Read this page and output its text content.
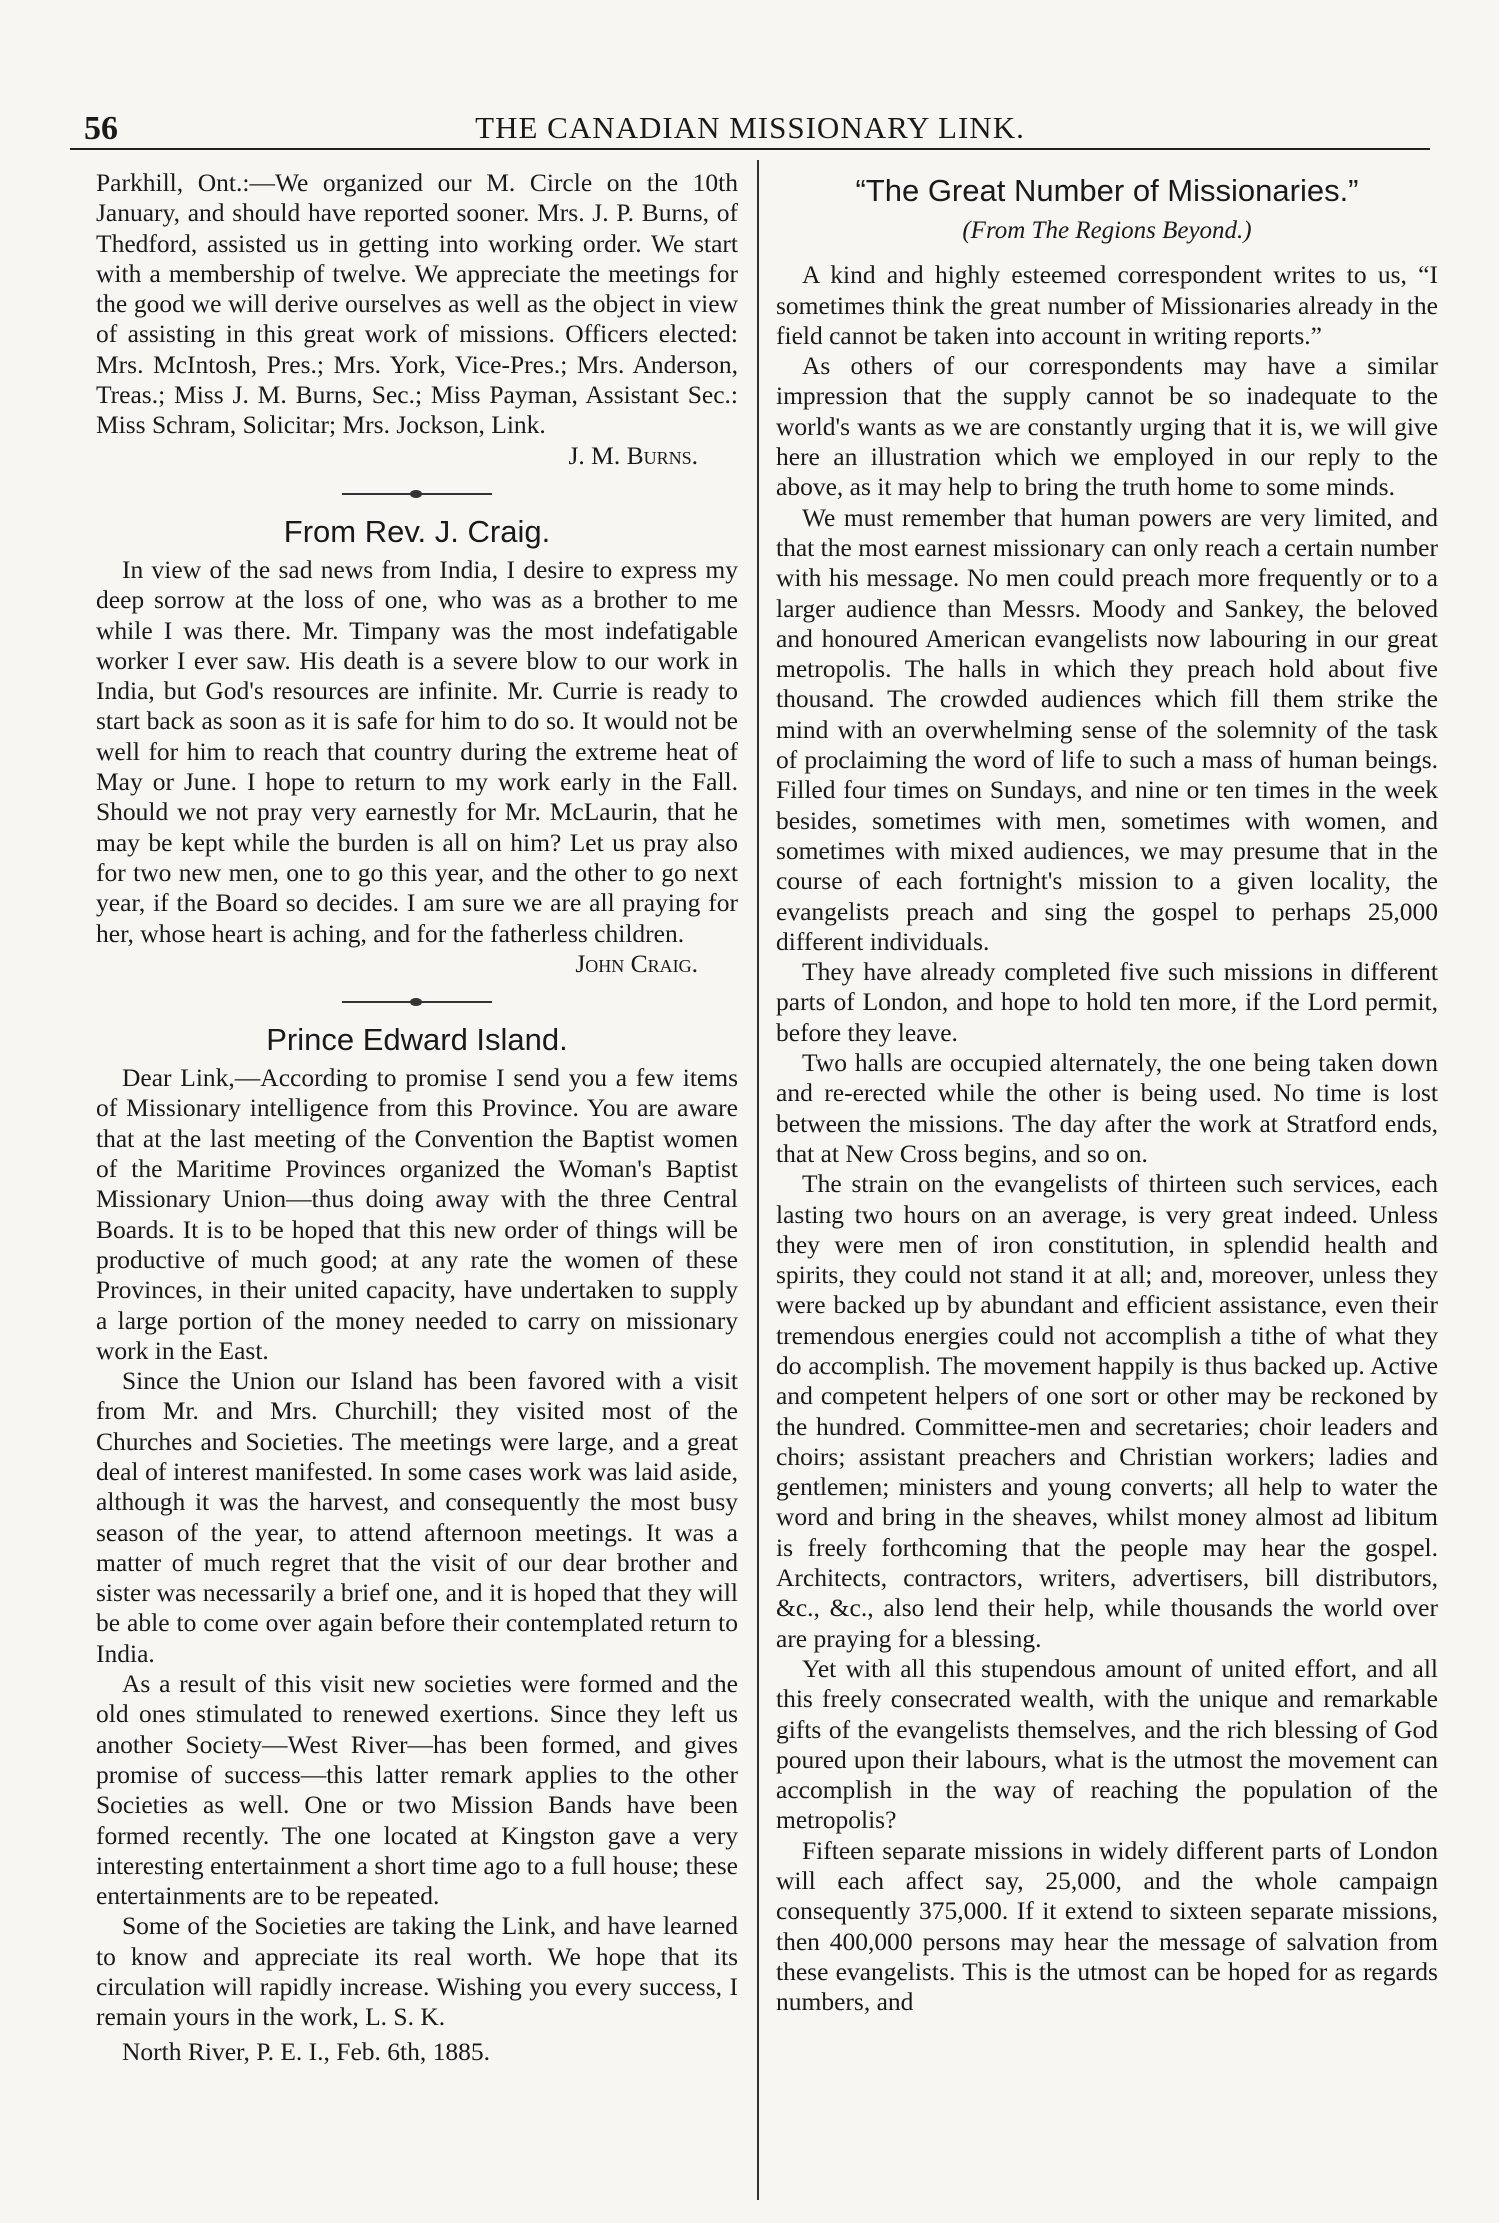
56	THE CANADIAN MISSIONARY LINK.

Parkhill, Ont.:—We organized our M. Circle on the 10th January, and should have reported sooner. Mrs. J. P. Burns, of Thedford, assisted us in getting into working order. We start with a membership of twelve. We appreciate the meetings for the good we will derive ourselves as well as the object in view of assisting in this great work of missions. Officers elected: Mrs. McIntosh, Pres.; Mrs. York, Vice-Pres.; Mrs. Anderson, Treas.; Miss J. M. Burns, Sec.; Miss Payman, Assistant Sec.: Miss Schram, Solicitar; Mrs. Jockson, Link.

J. M. Burns.
From Rev. J. Craig.

In view of the sad news from India, I desire to express my deep sorrow at the loss of one, who was as a brother to me while I was there. Mr. Timpany was the most indefatigable worker I ever saw. His death is a severe blow to our work in India, but God's resources are infinite. Mr. Currie is ready to start back as soon as it is safe for him to do so. It would not be well for him to reach that country during the extreme heat of May or June. I hope to return to my work early in the Fall. Should we not pray very earnestly for Mr. McLaurin, that he may be kept while the burden is all on him? Let us pray also for two new men, one to go this year, and the other to go next year, if the Board so decides. I am sure we are all praying for her, whose heart is aching, and for the fatherless children.

John Craig.
Prince Edward Island.

Dear Link,—According to promise I send you a few items of Missionary intelligence from this Province. You are aware that at the last meeting of the Convention the Baptist women of the Maritime Provinces organized the Woman's Baptist Missionary Union—thus doing away with the three Central Boards. It is to be hoped that this new order of things will be productive of much good; at any rate the women of these Provinces, in their united capacity, have undertaken to supply a large portion of the money needed to carry on missionary work in the East.

Since the Union our Island has been favored with a visit from Mr. and Mrs. Churchill; they visited most of the Churches and Societies. The meetings were large, and a great deal of interest manifested. In some cases work was laid aside, although it was the harvest, and consequently the most busy season of the year, to attend afternoon meetings. It was a matter of much regret that the visit of our dear brother and sister was necessarily a brief one, and it is hoped that they will be able to come over again before their contemplated return to India.

As a result of this visit new societies were formed and the old ones stimulated to renewed exertions. Since they left us another Society—West River—has been formed, and gives promise of success—this latter remark applies to the other Societies as well. One or two Mission Bands have been formed recently. The one located at Kingston gave a very interesting entertainment a short time ago to a full house; these entertainments are to be repeated.

Some of the Societies are taking the Link, and have learned to know and appreciate its real worth. We hope that its circulation will rapidly increase. Wishing you every success, I remain yours in the work, L. S. K.

North River, P. E. I., Feb. 6th, 1885.

“The Great Number of Missionaries.”
(From The Regions Beyond.)

A kind and highly esteemed correspondent writes to us, “I sometimes think the great number of Missionaries already in the field cannot be taken into account in writing reports.”

As others of our correspondents may have a similar impression that the supply cannot be so inadequate to the world's wants as we are constantly urging that it is, we will give here an illustration which we employed in our reply to the above, as it may help to bring the truth home to some minds.

We must remember that human powers are very limited, and that the most earnest missionary can only reach a certain number with his message. No men could preach more frequently or to a larger audience than Messrs. Moody and Sankey, the beloved and honoured American evangelists now labouring in our great metropolis. The halls in which they preach hold about five thousand. The crowded audiences which fill them strike the mind with an overwhelming sense of the solemnity of the task of proclaiming the word of life to such a mass of human beings. Filled four times on Sundays, and nine or ten times in the week besides, sometimes with men, sometimes with women, and sometimes with mixed audiences, we may presume that in the course of each fortnight's mission to a given locality, the evangelists preach and sing the gospel to perhaps 25,000 different individuals.

They have already completed five such missions in different parts of London, and hope to hold ten more, if the Lord permit, before they leave.

Two halls are occupied alternately, the one being taken down and re-erected while the other is being used. No time is lost between the missions. The day after the work at Stratford ends, that at New Cross begins, and so on.

The strain on the evangelists of thirteen such services, each lasting two hours on an average, is very great indeed. Unless they were men of iron constitution, in splendid health and spirits, they could not stand it at all; and, moreover, unless they were backed up by abundant and efficient assistance, even their tremendous energies could not accomplish a tithe of what they do accomplish. The movement happily is thus backed up. Active and competent helpers of one sort or other may be reckoned by the hundred. Committee-men and secretaries; choir leaders and choirs; assistant preachers and Christian workers; ladies and gentlemen; ministers and young converts; all help to water the word and bring in the sheaves, whilst money almost ad libitum is freely forthcoming that the people may hear the gospel. Architects, contractors, writers, advertisers, bill distributors, &c., &c., also lend their help, while thousands the world over are praying for a blessing.

Yet with all this stupendous amount of united effort, and all this freely consecrated wealth, with the unique and remarkable gifts of the evangelists themselves, and the rich blessing of God poured upon their labours, what is the utmost the movement can accomplish in the way of reaching the population of the metropolis?

Fifteen separate missions in widely different parts of London will each affect say, 25,000, and the whole campaign consequently 375,000. If it extend to sixteen separate missions, then 400,000 persons may hear the message of salvation from these evangelists. This is the utmost can be hoped for as regards numbers, and
